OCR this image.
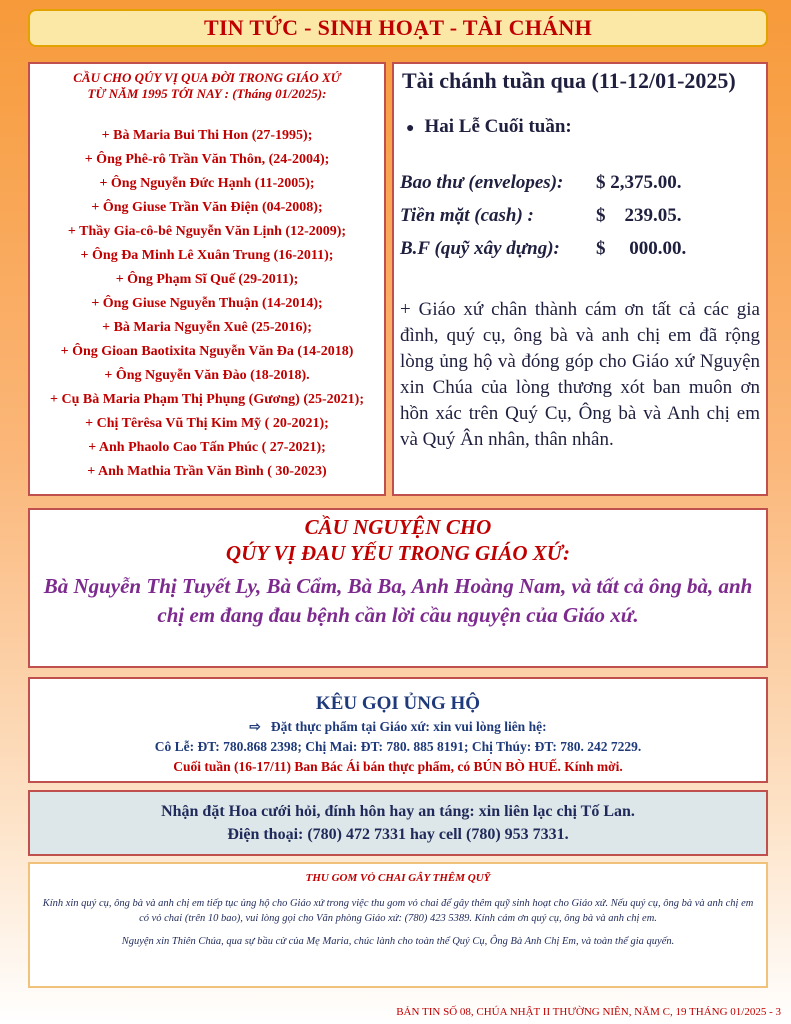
TIN TỨC - SINH HOẠT - TÀI CHÁNH
CẦU CHO QÚY VỊ QUA ĐỜI TRONG GIÁO XỨ
TỪ NĂM 1995 TỚI NAY : (Tháng 01/2025):
+ Bà Maria Bui Thi Hon (27-1995);
+ Ông Phê-rô Trần Văn Thôn, (24-2004);
+ Ông Nguyễn Đức Hạnh (11-2005);
+ Ông Giuse Trần Văn Điện (04-2008);
+ Thầy Gia-cô-bê Nguyễn Văn Lịnh (12-2009);
+ Ông Đa Minh Lê Xuân Trung (16-2011);
+ Ông Phạm Sĩ Quế (29-2011);
+ Ông Giuse Nguyễn Thuận (14-2014);
+ Bà Maria Nguyễn Xuê (25-2016);
+ Ông Gioan Baotixita Nguyễn Văn Đa (14-2018)
+ Ông Nguyễn Văn Đào (18-2018).
+ Cụ Bà Maria Phạm Thị Phụng (Gương) (25-2021);
+ Chị Têrêsa Vũ Thị Kim Mỹ ( 20-2021);
+ Anh Phaolo Cao Tấn Phúc ( 27-2021);
+ Anh Mathia Trần Văn Bình ( 30-2023)
Tài chánh tuần qua (11-12/01-2025)
● Hai Lễ Cuối tuần:
Bao thư (envelopes):	$ 2,375.00.
Tiền mặt (cash) :	$    239.05.
B.F (quỹ xây dựng):	$     000.00.
+ Giáo xứ chân thành cám ơn tất cả các gia đình, quý cụ, ông bà và anh chị em đã rộng lòng ủng hộ và đóng góp cho Giáo xứ Nguyện xin Chúa của lòng thương xót ban muôn ơn hồn xác trên Quý Cụ, Ông bà và Anh chị em và Quý Ân nhân, thân nhân.
CẦU NGUYỆN CHO
QÚY VỊ ĐAU YẾU TRONG GIÁO XỨ:
Bà Nguyễn Thị Tuyết Ly, Bà Cẩm, Bà Ba, Anh Hoàng Nam, và tất cả ông bà, anh chị em đang đau bệnh cần lời cầu nguyện của Giáo xứ.
KÊU GỌI ỦNG HỘ
⇨ Đặt thực phẩm tại Giáo xứ: xin vui lòng liên hệ:
Cô Lễ: ĐT: 780.868 2398; Chị Mai: ĐT: 780. 885 8191; Chị Thúy: ĐT: 780. 242 7229.
Cuối tuần (16-17/11) Ban Bác Ái bán thực phẩm, có BÚN BÒ HUẾ. Kính mời.
Nhận đặt Hoa cưới hỏi, đính hôn hay an táng: xin liên lạc chị Tố Lan.
Điện thoại: (780) 472 7331 hay cell (780) 953 7331.
THU GOM VỎ CHAI GÂY THÊM QUỸ
Kính xin quý cụ, ông bà và anh chị em tiếp tục ủng hộ cho Giáo xứ trong việc thu gom vỏ chai để gây thêm quỹ sinh hoạt cho Giáo xứ. Nếu quý cụ, ông bà và anh chị em có vỏ chai (trên 10 bao), vui lòng gọi cho Văn phòng Giáo xứ: (780) 423 5389. Kính cám ơn quý cụ, ông bà và anh chị em.
Nguyện xin Thiên Chúa, qua sự bầu cử của Mẹ Maria, chúc lành cho toàn thể Quý Cụ, Ông Bà Anh Chị Em, và toàn thể gia quyến.
BẢN TIN SỐ 08, CHÚA NHẬT II THƯỜNG NIÊN, NĂM C, 19 THÁNG 01/2025 - 3
